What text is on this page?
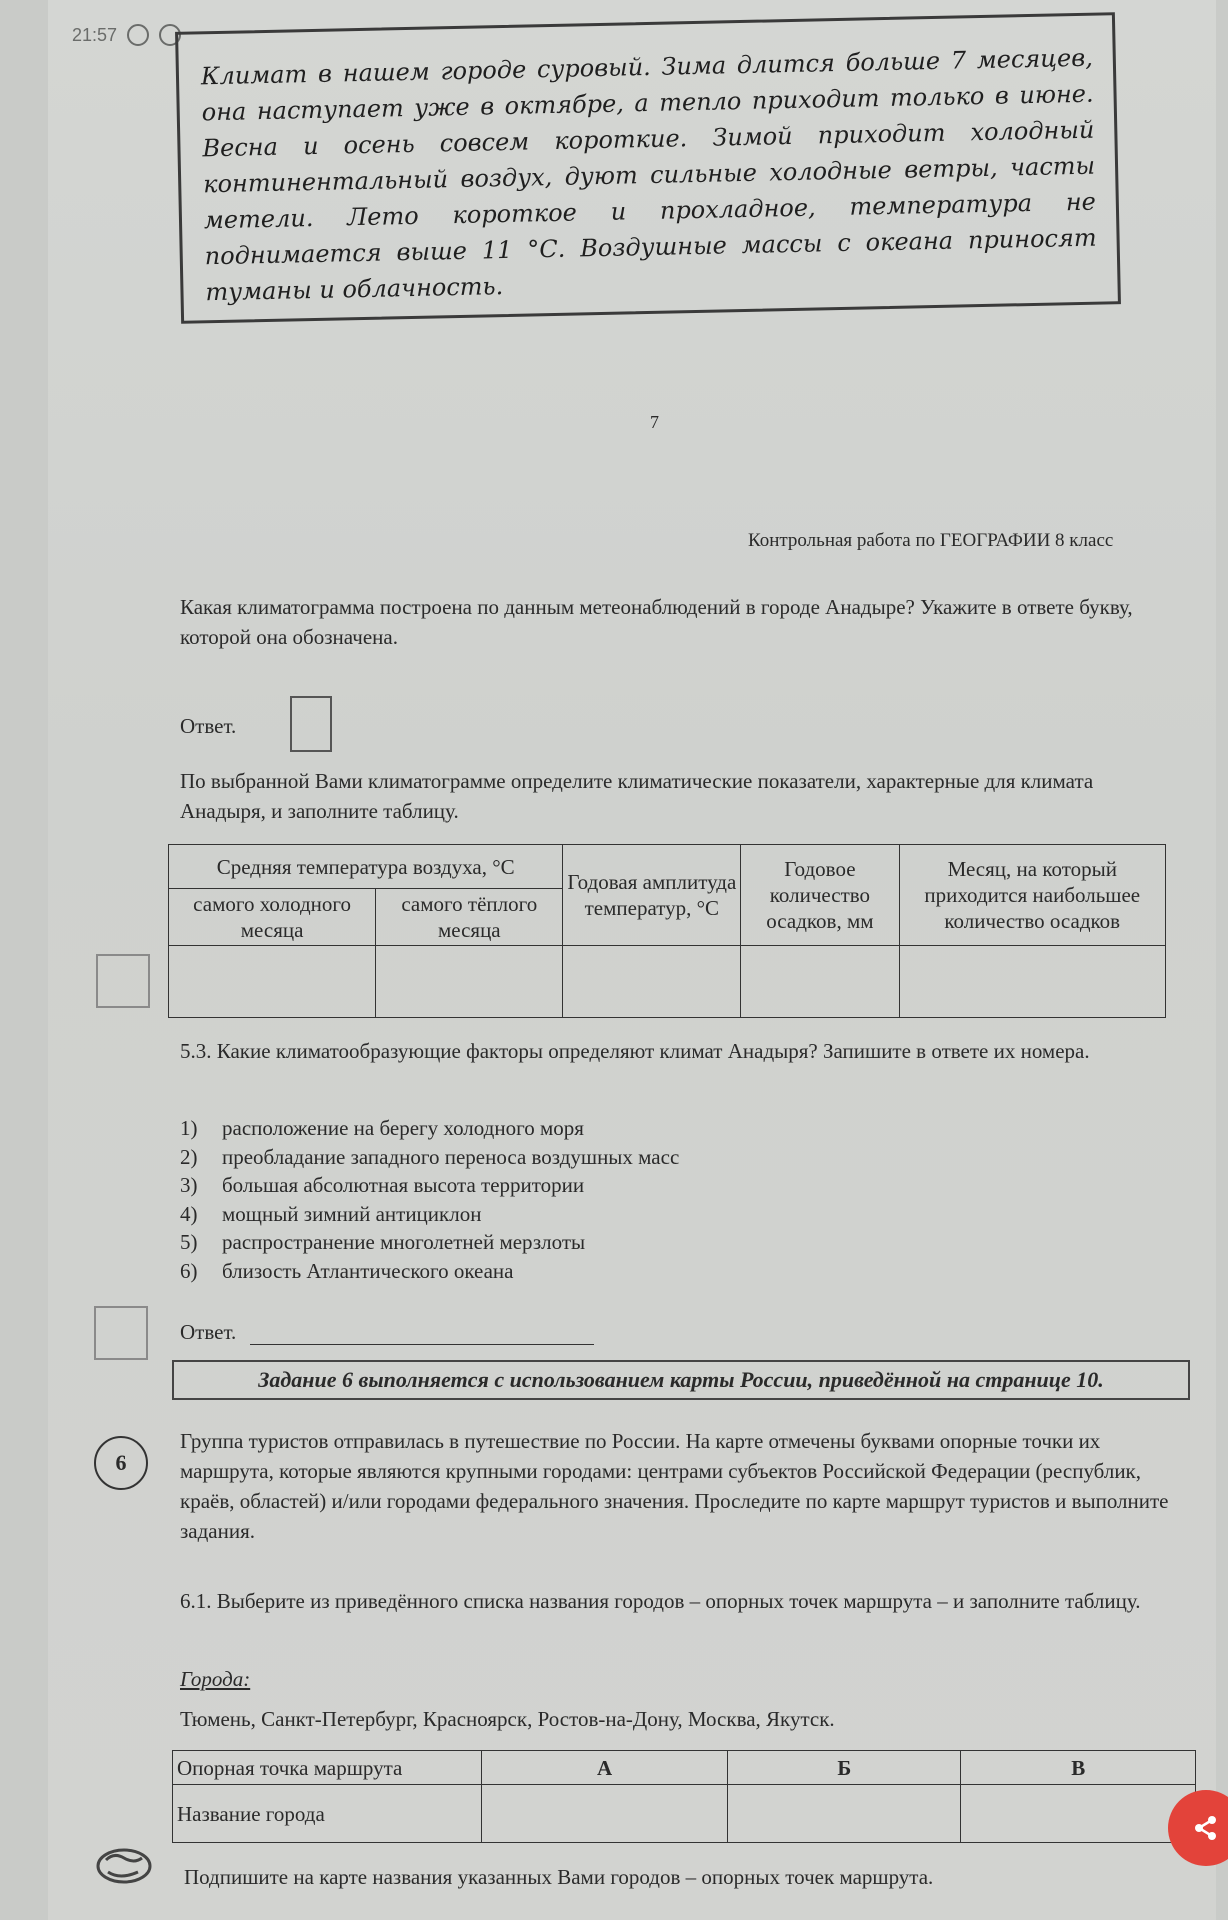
21:57
Климат в нашем городе суровый. Зима длится больше 7 месяцев, она наступает уже в октябре, а тепло приходит только в июне. Весна и осень совсем короткие. Зимой приходит холодный континентальный воздух, дуют сильные холодные ветры, часты метели. Лето короткое и прохладное, температура не поднимается выше 11 °С. Воздушные массы с океана приносят туманы и облачность.
7
Контрольная работа по ГЕОГРАФИИ 8 класс
Какая климатограмма построена по данным метеонаблюдений в городе Анадыре? Укажите в ответе букву, которой она обозначена.
Ответ.
По выбранной Вами климатограмме определите климатические показатели, характерные для климата Анадыря, и заполните таблицу.
Средняя температура воздуха, °С		Годовая амплитуда температур, °С	Годовое количество осадков, мм	Месяц, на который приходится наибольшее количество осадков
самого холодного месяца	самого тёплого месяца			

5.3. Какие климатообразующие факторы определяют климат Анадыря? Запишите в ответе их номера.
1) расположение на берегу холодного моря
2) преобладание западного переноса воздушных масс
3) большая абсолютная высота территории
4) мощный зимний антициклон
5) распространение многолетней мерзлоты
6) близость Атлантического океана
Ответ.
Задание 6 выполняется с использованием карты России, приведённой на странице 10.
6
Группа туристов отправилась в путешествие по России. На карте отмечены буквами опорные точки их маршрута, которые являются крупными городами: центрами субъектов Российской Федерации (республик, краёв, областей) и/или городами федерального значения. Проследите по карте маршрут туристов и выполните задания.
6.1. Выберите из приведённого списка названия городов – опорных точек маршрута – и заполните таблицу.
Города:
Тюмень, Санкт-Петербург, Красноярск, Ростов-на-Дону, Москва, Якутск.
Опорная точка маршрута	А	Б	В
Название города			
Подпишите на карте названия указанных Вами городов – опорных точек маршрута.
